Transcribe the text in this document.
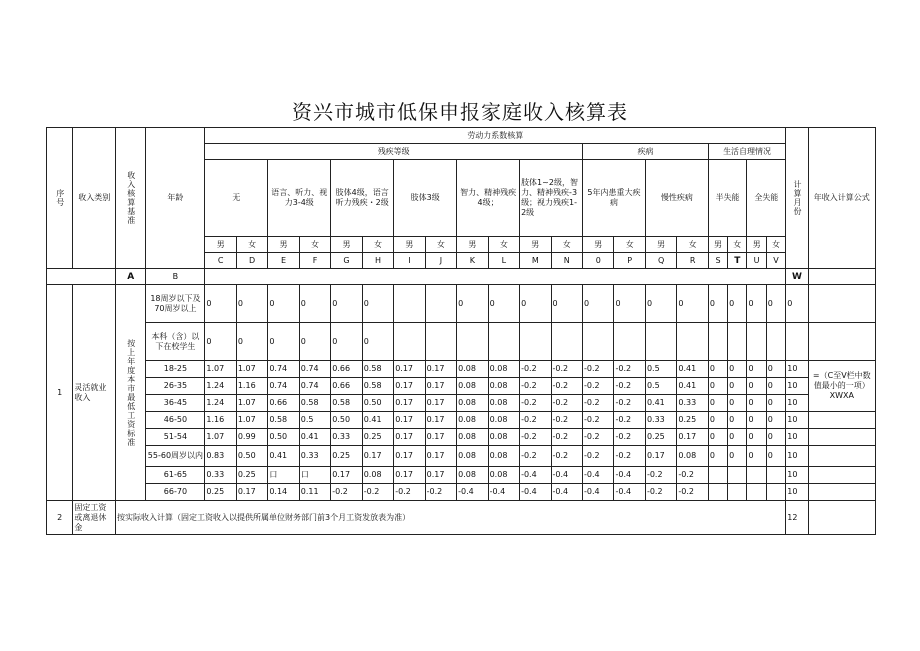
资兴市城市低保申报家庭收入核算表
序号	收入类别	收入核算基准	年龄	劳动力系数核算																				计算月份	年收入计算公式
				残疾等级												疾病				生活自理情况					
				无		语言、听力、视力3-4级		肢体4级，语言听力残疾・2级		肢体3级		智力、精神残疾4级；		肢体1~2级，智力、精神残疾-3级；视力残疾1-2级		5年内患重大疾病		慢性疾病		半失能		全失能			
				男	女	男	女	男	女	男	女	男	女	男	女	男	女	男	女	男	女	男	女		
				C	D	E	F	G	H	I	J	K	L	M	N	0	P	Q	R	S	T	U	V		
		A	B																					W	
1	灵活就业收入	按上年度本市最低工资标准	18周岁以下及70周岁以上	0	0	0	0	0	0			0	0	0	0	0	0	0	0	0	0	0	0	0	
			本科（含）以下在校学生	0	0	0	0	0	0																
			18-25	1.07	1.07	0.74	0.74	0.66	0.58	0.17	0.17	0.08	0.08	-0.2	-0.2	-0.2	-0.2	0.5	0.41	0	0	0	0	10	=（C至V栏中数值最小的一项）XWXA
			26-35	1.24	1.16	0.74	0.74	0.66	0.58	0.17	0.17	0.08	0.08	-0.2	-0.2	-0.2	-0.2	0.5	0.41	0	0	0	0	10	
			36-45	1.24	1.07	0.66	0.58	0.58	0.50	0.17	0.17	0.08	0.08	-0.2	-0.2	-0.2	-0.2	0.41	0.33	0	0	0	0	10	
			46-50	1.16	1.07	0.58	0.5	0.50	0.41	0.17	0.17	0.08	0.08	-0.2	-0.2	-0.2	-0.2	0.33	0.25	0	0	0	0	10	
			51-54	1.07	0.99	0.50	0.41	0.33	0.25	0.17	0.17	0.08	0.08	-0.2	-0.2	-0.2	-0.2	0.25	0.17	0	0	0	0	10	
			55-60周岁以内	0.83	0.50	0.41	0.33	0.25	0.17	0.17	0.17	0.08	0.08	-0.2	-0.2	-0.2	-0.2	0.17	0.08	0	0	0	0	10	
			61-65	0.33	0.25	口	口	0.17	0.08	0.17	0.17	0.08	0.08	-0.4	-0.4	-0.4	-0.4	-0.2	-0.2					10	
			66-70	0.25	0.17	0.14	0.11	-0.2	-0.2	-0.2	-0.2	-0.4	-0.4	-0.4	-0.4	-0.4	-0.4	-0.2	-0.2					10	
2	固定工资或离退休金	按实际收入计算（固定工资收入以提供所属单位财务部门前3个月工资发放表为准）																						12	
